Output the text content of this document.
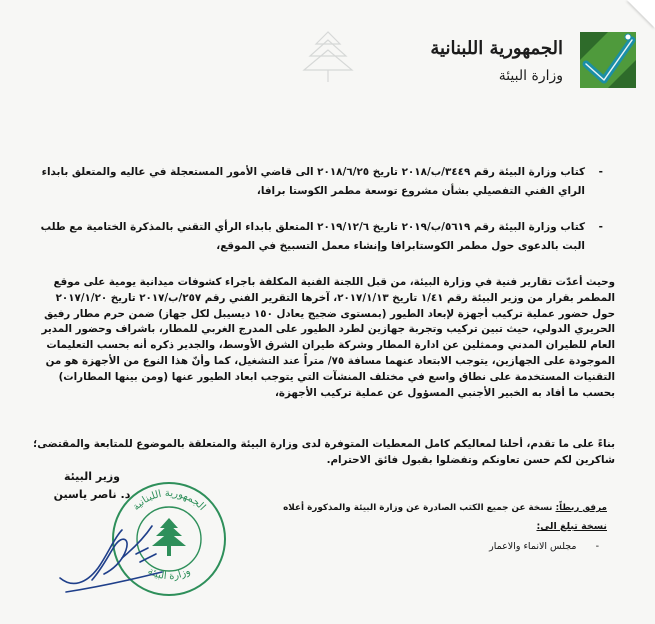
الجمهورية اللبنانية
وزارة البيئة
-
كتاب وزارة البيئة رقم ٣٤٤٩/ب/٢٠١٨ تاريخ ٢٠١٨/٦/٢٥ الى قاضي الأمور المستعجلة في عاليه والمتعلق بابداء الراي الفني التفصيلي بشأن مشروع توسعة مطمر الكوستا برافا،
-
كتاب وزارة البيئة رقم ٥٦١٩/ب/٢٠١٩ تاريخ ٢٠١٩/١٢/٦ المتعلق بابداء الرأي التقني بالمذكرة الختامية مع طلب البت بالدعوى حول مطمر الكوستابرافا وإنشاء معمل التسبيخ في الموقع،
وحيث أعدّت تقارير فنية في وزارة البيئة، من قبل اللجنة الفنية المكلفة باجراء كشوفات ميدانية يومية على موقع المطمر بقرار من وزير البيئة رقم ١/٤١ تاريخ ٢٠١٧/١/١٣، آخرها التقرير الفني رقم ٢٥٧/ب/٢٠١٧ تاريخ ٢٠١٧/١/٢٠ حول حضور عملية تركيب أجهزة لإبعاد الطيور (بمستوى ضجيج يعادل ١٥٠ ديسيبل لكل جهاز) ضمن حرم مطار رفيق الحريري الدولي، حيث تبين تركيب وتجربة جهازين لطرد الطيور على المدرج الغربي للمطار، باشراف وحضور المدير العام للطيران المدني وممثلين عن ادارة المطار وشركة طيران الشرق الأوسط، والجدير ذكره أنه بحسب التعليمات الموجودة على الجهازين، يتوجب الابتعاد عنهما مسافة ٧٥/ متراً عند التشغيل، كما وأنّ هذا النوع من الأجهزة هو من التقنيات المستخدمة على نطاق واسع في مختلف المنشآت التي يتوجب ابعاد الطيور عنها (ومن بينها المطارات) بحسب ما أفاد به الخبير الأجنبي المسؤول عن عملية تركيب الأجهزة،
بناءً على ما تقدم، أحلنا لمعاليكم كامل المعطيات المتوفرة لدى وزارة البيئة والمتعلقة بالموضوع للمتابعة والمقتضى؛
شاكرين لكم حسن تعاونكم وتفضلوا بقبول فائق الاحترام.
وزير البيئة
د. ناصر ياسين
الجمهورية اللبنانية
وزارة البيئة
مرفق ربطاً: نسخة عن جميع الكتب الصادرة عن وزارة البيئة والمذكورة أعلاه
نسخة تبلغ الى:
- مجلس الانماء والاعمار
